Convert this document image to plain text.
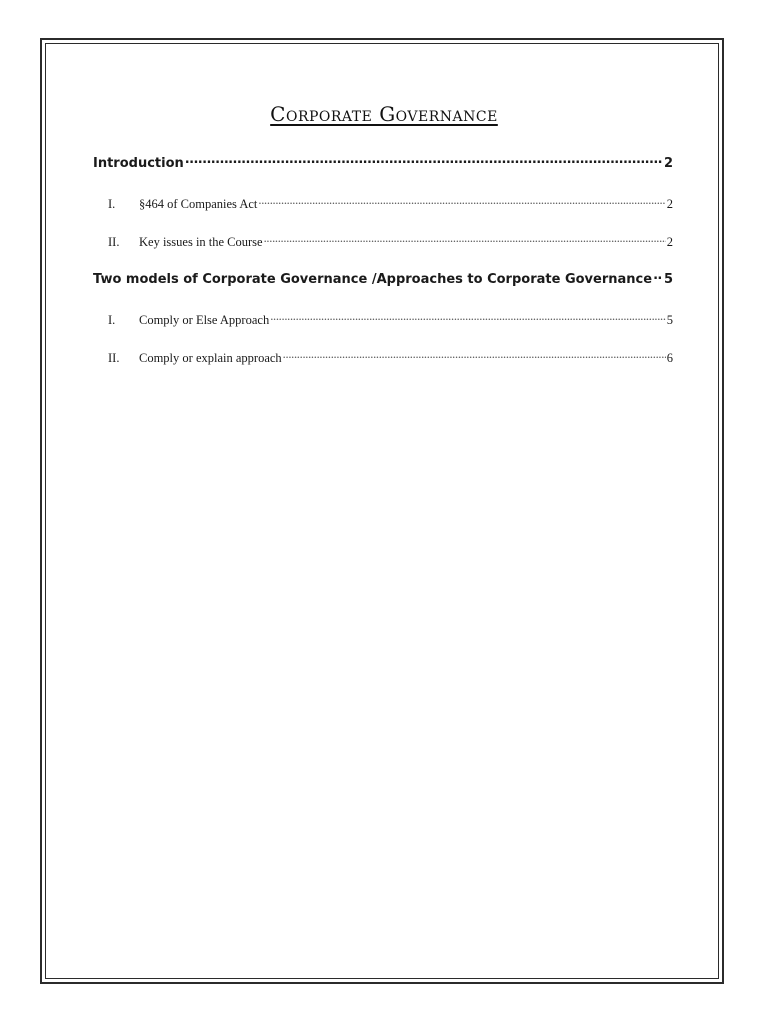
Corporate Governance
Introduction .....	2
I.	§464 of Companies Act .....	2
II.	Key issues in the Course .....	2
Two models of Corporate Governance /Approaches to Corporate Governance ..... 5
I.	Comply or Else Approach .....	5
II.	Comply or explain approach .....	6
